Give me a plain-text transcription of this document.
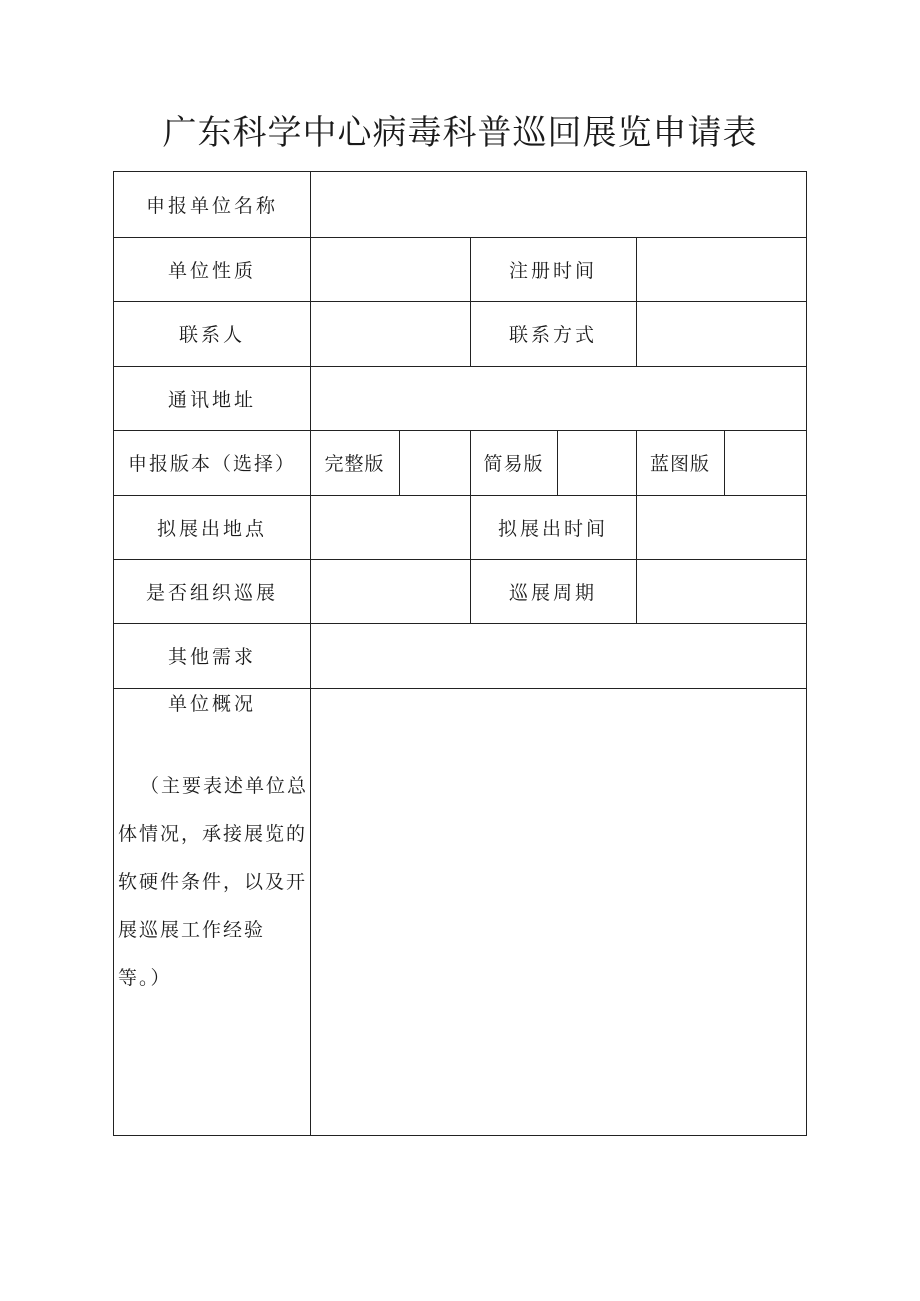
广东科学中心病毒科普巡回展览申请表
申报单位名称
单位性质	注册时间
联系人	联系方式
通讯地址
申报版本（选择）	完整版	简易版	蓝图版
拟展出地点	拟展出时间
是否组织巡展	巡展周期
其他需求
单位概况
（主要表述单位总体情况，承接展览的软硬件条件，以及开展巡展工作经验等。）
